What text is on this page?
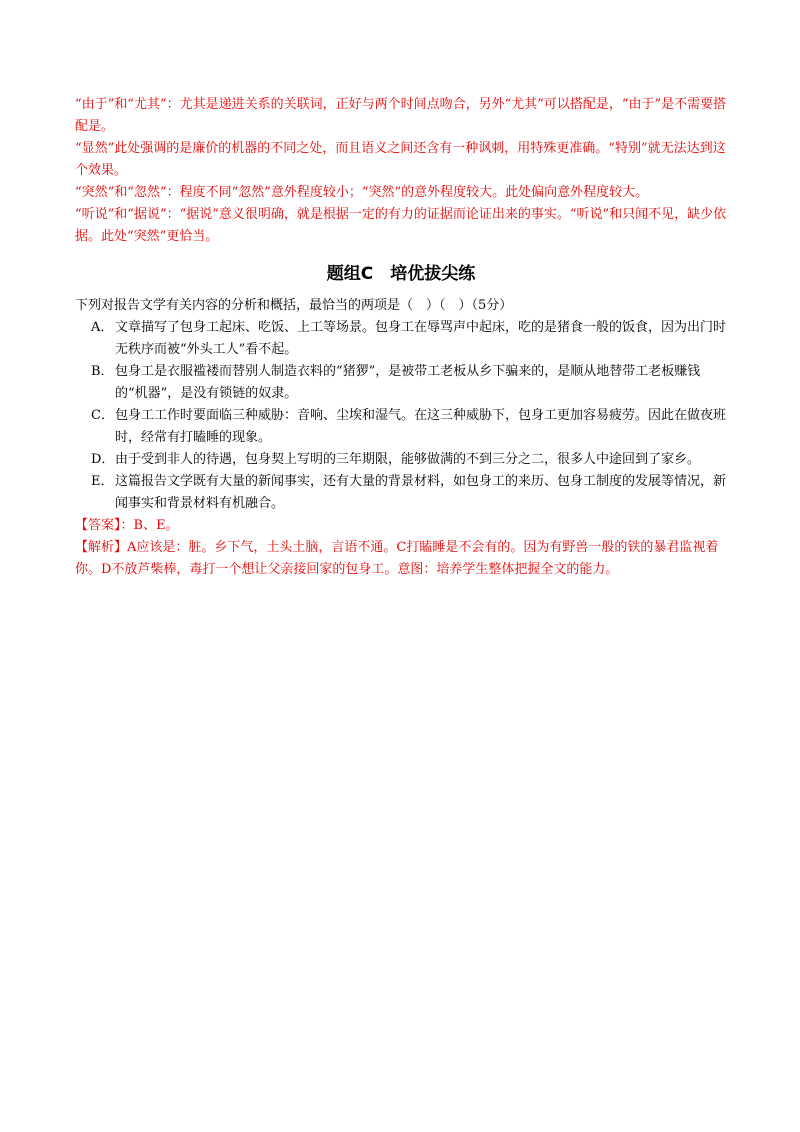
“由于”和“尤其”：尤其是递进关系的关联词，正好与两个时间点吻合，另外“尤其”可以搭配是，“由于”是不需要搭配是。

“显然”此处强调的是廉价的机器的不同之处，而且语义之间还含有一种讽刺，用特殊更准确。“特别”就无法达到这个效果。

“突然”和“忽然”：程度不同“忽然”意外程度较小；“突然”的意外程度较大。此处偏向意外程度较大。

“听说”和“据说”：“据说”意义很明确，就是根据一定的有力的证据而论证出来的事实。“听说”和只闻不见，缺少依据。此处“突然”更恰当。

题组C　培优拔尖练

下列对报告文学有关内容的分析和概括，最恰当的两项是（　）（　）（5分）

A． 文章描写了包身工起床、吃饭、上工等场景。包身工在辱骂声中起床，吃的是猪食一般的饭食，因为出门时无秩序而被“外头工人”看不起。

B．包身工是衣服褴褛而替别人制造衣料的“猪猡”，是被带工老板从乡下骗来的，是顺从地替带工老板赚钱的“机器”，是没有锁链的奴隶。

C．包身工工作时要面临三种威胁：音响、尘埃和湿气。在这三种威胁下，包身工更加容易疲劳。因此在做夜班时，经常有打瞌睡的现象。

D．由于受到非人的待遇，包身契上写明的三年期限，能够做满的不到三分之二，很多人中途回到了家乡。

E． 这篇报告文学既有大量的新闻事实，还有大量的背景材料，如包身工的来历、包身工制度的发展等情况，新闻事实和背景材料有机融合。

【答案】：B、E。

【解析】A应该是：脏。乡下气，土头土脑，言语不通。C打瞌睡是不会有的。因为有野兽一般的铁的暴君监视着你。D不放芦柴棒，毒打一个想让父亲接回家的包身工。意图：培养学生整体把握全文的能力。
